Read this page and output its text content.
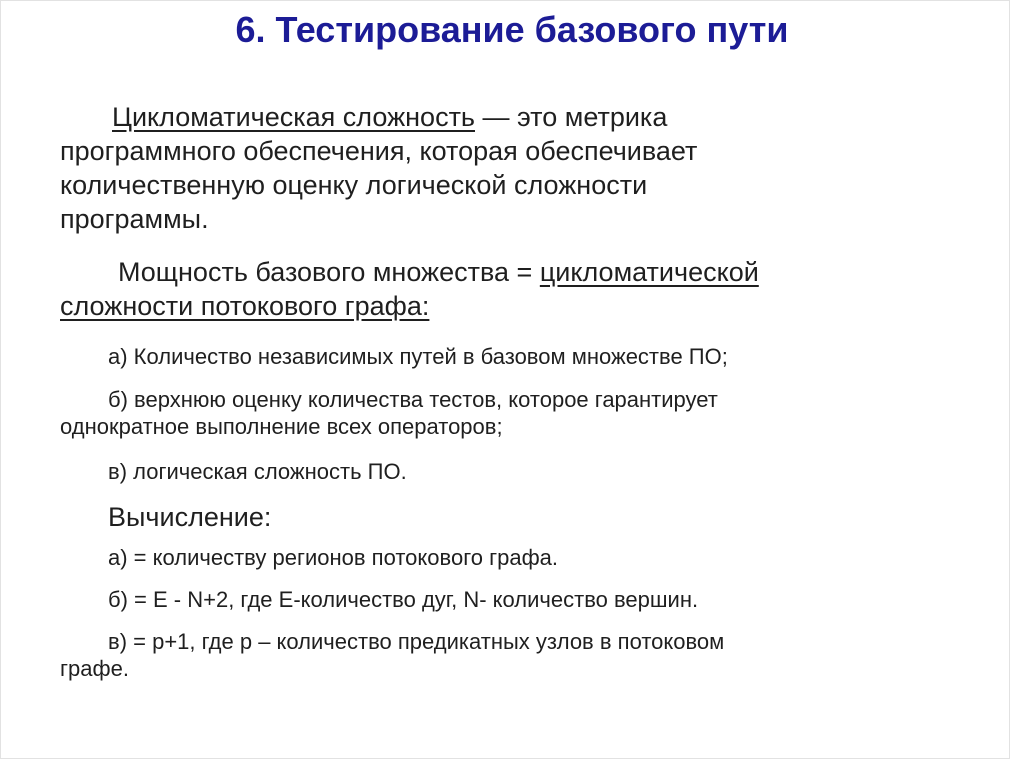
6. Тестирование базового пути

Цикломатическая сложность — это метрика
программного обеспечения, которая обеспечивает
количественную оценку логической сложности
программы.

Мощность базового множества = цикломатической
сложности потокового графа:

а) Количество независимых путей в базовом множестве ПО;
б) верхнюю оценку количества тестов, которое гарантирует
однократное выполнение всех операторов;
в) логическая сложность ПО.
Вычисление:
а) = количеству регионов потокового графа.
б) = E - N+2, где E-количество дуг, N- количество вершин.
в) = p+1, где p – количество предикатных узлов в потоковом
графе.
